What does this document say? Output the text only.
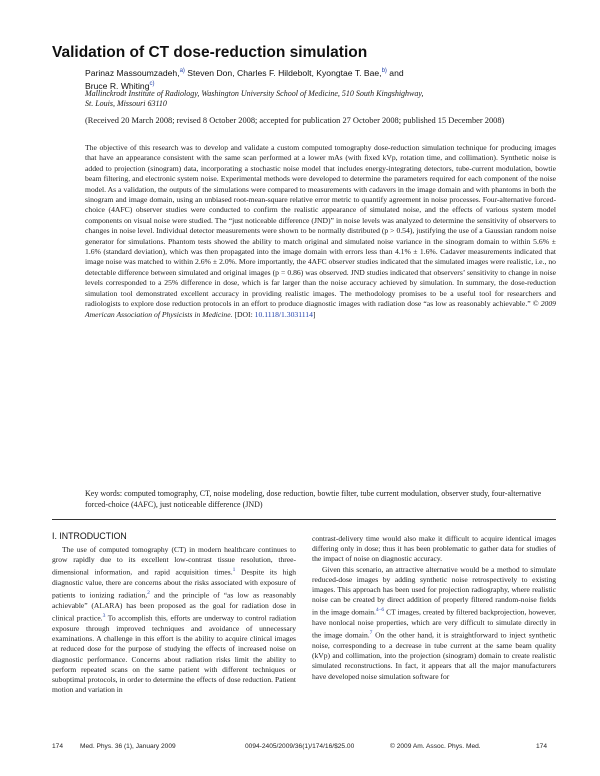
Validation of CT dose-reduction simulation
Parinaz Massoumzadeh,$^{a)}$ Steven Don, Charles F. Hildebolt, Kyongtae T. Bae,$^{b)}$ and
Bruce R. Whiting$^{c)}$
Mallinckrodt Institute of Radiology, Washington University School of Medicine, 510 South Kingshighway,
St. Louis, Missouri 63110
(Received 20 March 2008; revised 8 October 2008; accepted for publication 27 October 2008; published 15 December 2008)

The objective of this research was to develop and validate a custom computed tomography dose-reduction simulation technique for producing images that have an appearance consistent with the same scan performed at a lower mAs (with fixed kVp, rotation time, and collimation). Synthetic noise is added to projection (sinogram) data, incorporating a stochastic noise model that includes energy-integrating detectors, tube-current modulation, bowtie beam filtering, and electronic system noise. Experimental methods were developed to determine the parameters required for each component of the noise model. As a validation, the outputs of the simulations were compared to measurements with cadavers in the image domain and with phantoms in both the sinogram and image domain, using an unbiased root-mean-square relative error metric to quantify agreement in noise processes. Four-alternative forced-choice (4AFC) observer studies were conducted to confirm the realistic appearance of simulated noise, and the effects of various system model components on visual noise were studied. The “just noticeable difference (JND)” in noise levels was analyzed to determine the sensitivity of observers to changes in noise level. Individual detector measurements were shown to be normally distributed (p > 0.54), justifying the use of a Gaussian random noise generator for simulations. Phantom tests showed the ability to match original and simulated noise variance in the sinogram domain to within 5.6% ± 1.6% (standard deviation), which was then propagated into the image domain with errors less than 4.1% ± 1.6%. Cadaver measurements indicated that image noise was matched to within 2.6% ± 2.0%. More importantly, the 4AFC observer studies indicated that the simulated images were realistic, i.e., no detectable difference between simulated and original images (p = 0.86) was observed. JND studies indicated that observers’ sensitivity to change in noise levels corresponded to a 25% difference in dose, which is far larger than the noise accuracy achieved by simulation. In summary, the dose-reduction simulation tool demonstrated excellent accuracy in providing realistic images. The methodology promises to be a useful tool for researchers and radiologists to explore dose reduction protocols in an effort to produce diagnostic images with radiation dose “as low as reasonably achievable.” © 2009 American Association of Physicists in Medicine. [DOI: 10.1118/1.3031114]

Key words: computed tomography, CT, noise modeling, dose reduction, bowtie filter, tube current modulation, observer study, four-alternative forced-choice (4AFC), just noticeable difference (JND)

I. INTRODUCTION

The use of computed tomography (CT) in modern healthcare continues to grow rapidly due to its excellent low-contrast tissue resolution, three-dimensional information, and rapid acquisition times.$^1$ Despite its high diagnostic value, there are concerns about the risks associated with exposure of patients to ionizing radiation,$^2$ and the principle of “as low as reasonably achievable” (ALARA) has been proposed as the goal for radiation dose in clinical practice.$^3$ To accomplish this, efforts are underway to control radiation exposure through improved techniques and avoidance of unnecessary examinations. A challenge in this effort is the ability to acquire clinical images at reduced dose for the purpose of studying the effects of increased noise on diagnostic performance. Concerns about radiation risks limit the ability to perform repeated scans on the same patient with different techniques or suboptimal protocols, in order to determine the effects of dose reduction. Patient motion and variation in

contrast-delivery time would also make it difficult to acquire identical images differing only in dose; thus it has been problematic to gather data for studies of the impact of noise on diagnostic accuracy.

Given this scenario, an attractive alternative would be a method to simulate reduced-dose images by adding synthetic noise retrospectively to existing images. This approach has been used for projection radiography, where realistic noise can be created by direct addition of properly filtered random-noise fields in the image domain.$^{4-6}$ CT images, created by filtered backprojection, however, have nonlocal noise properties, which are very difficult to simulate directly in the image domain.$^7$ On the other hand, it is straightforward to inject synthetic noise, corresponding to a decrease in tube current at the same beam quality (kVp) and collimation, into the projection (sinogram) domain to create realistic simulated reconstructions. In fact, it appears that all the major manufacturers have developed noise simulation software for

174	Med. Phys. 36 (1), January 2009	0094-2405/2009/36(1)/174/16/$25.00	© 2009 Am. Assoc. Phys. Med.	174
